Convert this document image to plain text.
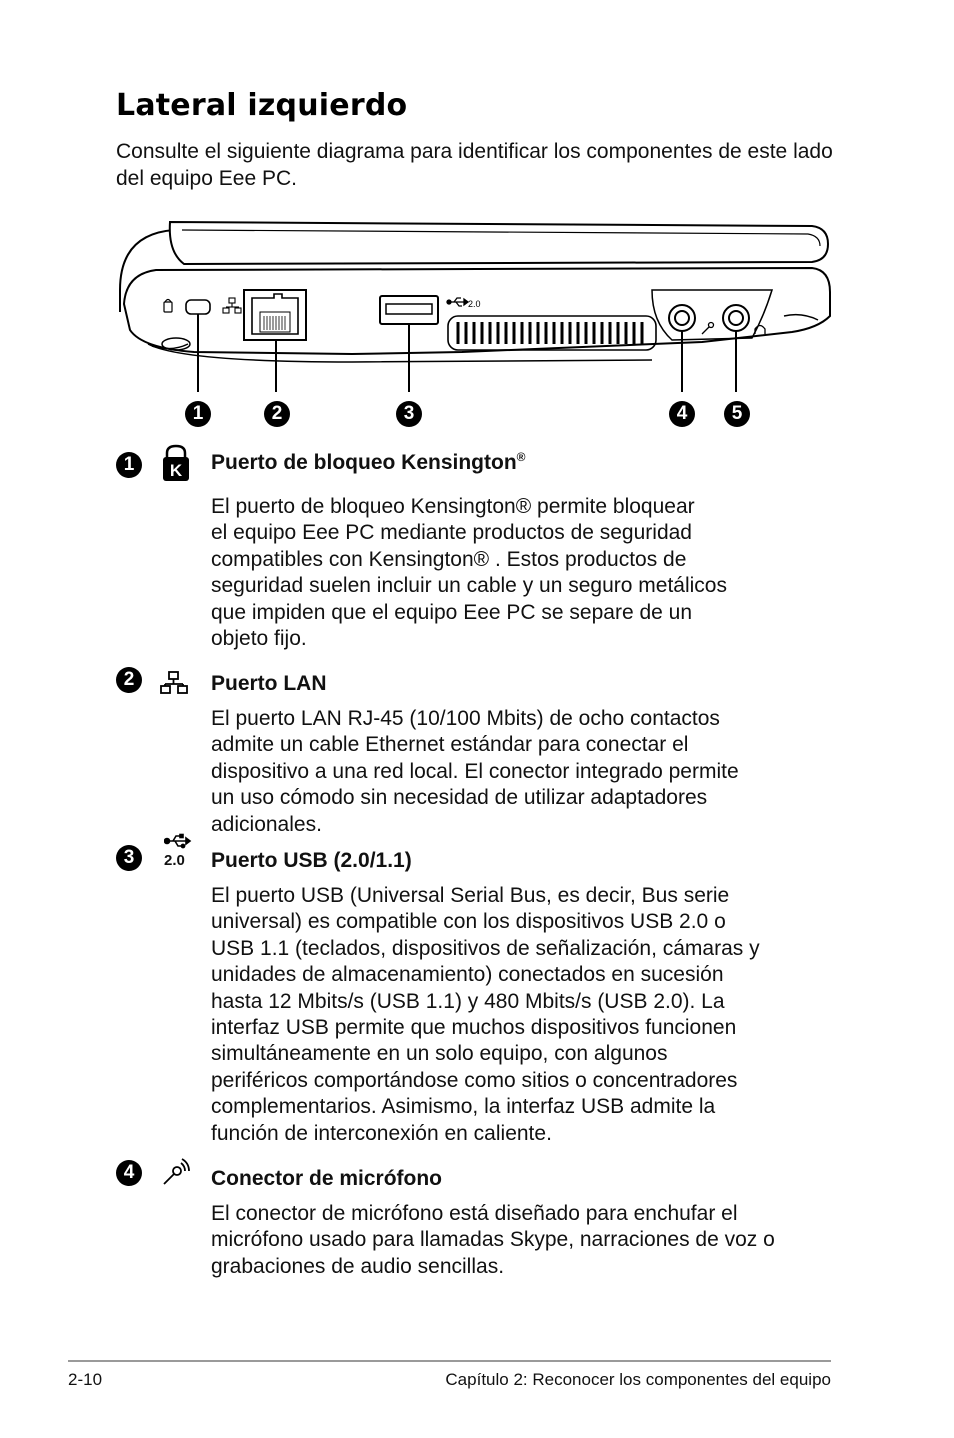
Lateral izquierdo
Consulte el siguiente diagrama para identificar los componentes de este lado del equipo Eee PC.
2.0
1	2	3	4	5
1	K Puerto de bloqueo Kensington®
El puerto de bloqueo Kensington® permite bloquear
el equipo Eee PC mediante productos de seguridad
compatibles con Kensington® . Estos productos de
seguridad suelen incluir un cable y un seguro metálicos
que impiden que el equipo Eee PC se separe de un
objeto fijo.
2	Puerto LAN
El puerto LAN RJ-45 (10/100 Mbits) de ocho contactos
admite un cable Ethernet estándar para conectar el
dispositivo a una red local. El conector integrado permite
un uso cómodo sin necesidad de utilizar adaptadores
adicionales.
3	2.0 Puerto USB (2.0/1.1)
El puerto USB (Universal Serial Bus, es decir, Bus serie
universal) es compatible con los dispositivos USB 2.0 o
USB 1.1 (teclados, dispositivos de señalización, cámaras y
unidades de almacenamiento) conectados en sucesión
hasta 12 Mbits/s (USB 1.1) y 480 Mbits/s (USB 2.0). La
interfaz USB permite que muchos dispositivos funcionen
simultáneamente en un solo equipo, con algunos
periféricos comportándose como sitios o concentradores
complementarios. Asimismo, la interfaz USB admite la
función de interconexión en caliente.
4	Conector de micrófono
El conector de micrófono está diseñado para enchufar el
micrófono usado para llamadas Skype, narraciones de voz o
grabaciones de audio sencillas.
2-10	Capítulo 2: Reconocer los componentes del equipo
